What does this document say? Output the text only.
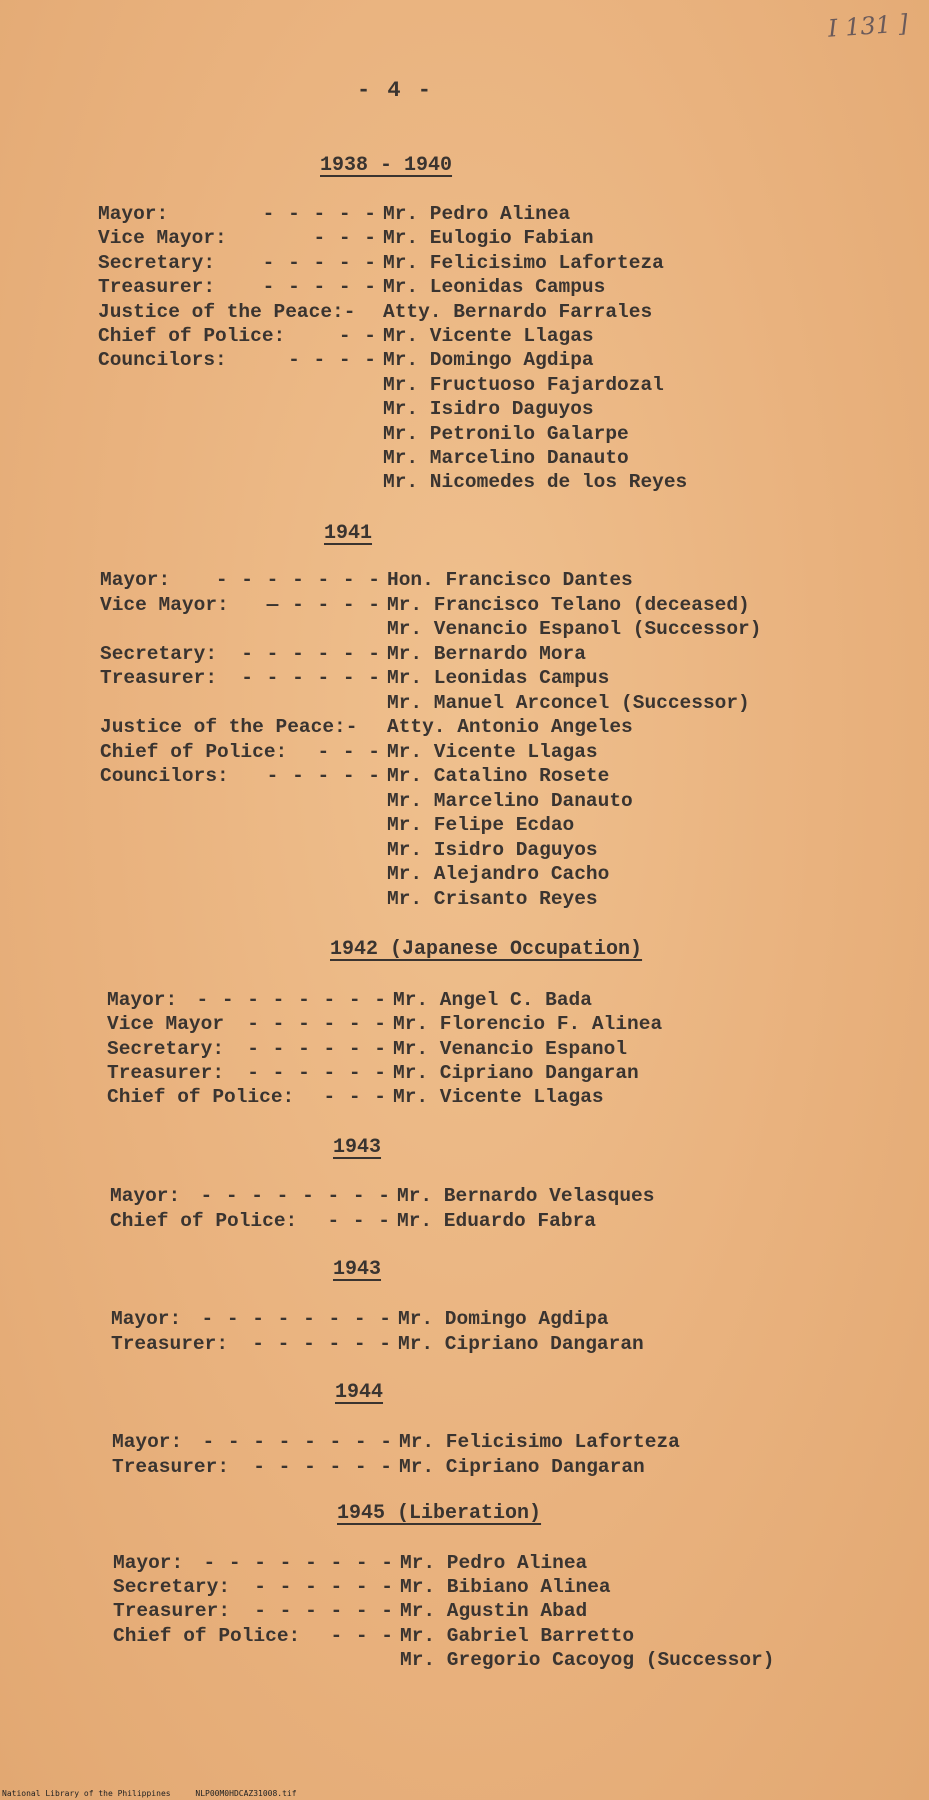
- 4 -
I 131 ]
1938 - 1940
Mayor:	- - - - - Mr. Pedro Alinea
Vice Mayor:	- - - Mr. Eulogio Fabian
Secretary: - - - - - Mr. Felicisimo Laforteza
Treasurer: - - - - - Mr. Leonidas Campus
Justice of the Peace:- Atty. Bernardo Farrales
Chief of Police:	- - Mr. Vicente Llagas
Councilors:	- - - - Mr. Domingo Agdipa
Mr. Fructuoso Fajardozal
Mr. Isidro Daguyos
Mr. Petronilo Galarpe
Mr. Marcelino Danauto
Mr. Nicomedes de los Reyes
1941
Mayor: - - - - - - - Hon. Francisco Dantes
Vice Mayor: — - - - - Mr. Francisco Telano (deceased)
Mr. Venancio Espanol (Successor)
Secretary: - - - - - - Mr. Bernardo Mora
Treasurer: - - - - - - Mr. Leonidas Campus
Mr. Manuel Arconcel (Successor)
Justice of the Peace:- Atty. Antonio Angeles
Chief of Police: - - - Mr. Vicente Llagas
Councilors: - - - - - Mr. Catalino Rosete
Mr. Marcelino Danauto
Mr. Felipe Ecdao
Mr. Isidro Daguyos
Mr. Alejandro Cacho
Mr. Crisanto Reyes
1942 (Japanese Occupation)
Mayor: - - - - - - - - Mr. Angel C. Bada
Vice Mayor - - - - - - Mr. Florencio F. Alinea
Secretary: - - - - - - Mr. Venancio Espanol
Treasurer: - - - - - - Mr. Cipriano Dangaran
Chief of Police: - - - Mr. Vicente Llagas
1943
Mayor: - - - - - - - - Mr. Bernardo Velasques
Chief of Police: - - - Mr. Eduardo Fabra
1943
Mayor: - - - - - - - - Mr. Domingo Agdipa
Treasurer: - - - - - - Mr. Cipriano Dangaran
1944
Mayor: - - - - - - - - Mr. Felicisimo Laforteza
Treasurer: - - - - - - Mr. Cipriano Dangaran
1945 (Liberation)
Mayor: - - - - - - - - Mr. Pedro Alinea
Secretary: - - - - - - Mr. Bibiano Alinea
Treasurer: - - - - - - Mr. Agustin Abad
Chief of Police: - - - Mr. Gabriel Barretto
Mr. Gregorio Cacoyog (Successor)
National Library of the Philippines	NLP00M0HDCAZ31008.tif
